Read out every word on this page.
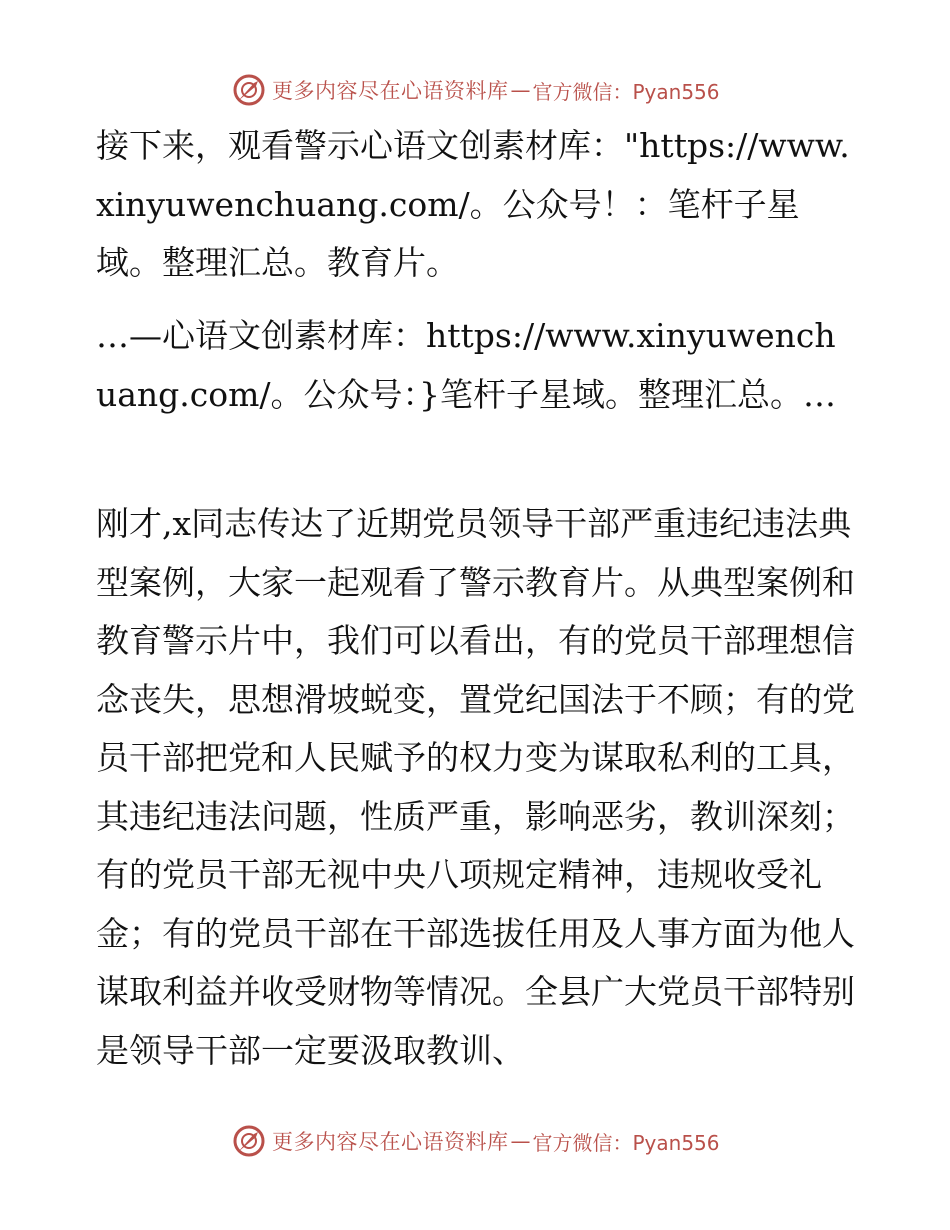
更多内容尽在心语资料库 — 官方微信：Pyan556

接下来，观看警示心语文创素材库："https://www.xinyuwenchuang.com/。公众号！：笔杆子星域。整理汇总。教育片。

…—心语文创素材库：https://www.xinyuwenchuang.com/。公众号：}笔杆子星域。整理汇总。…

刚才,x同志传达了近期党员领导干部严重违纪违法典型案例，大家一起观看了警示教育片。从典型案例和教育警示片中，我们可以看出，有的党员干部理想信念丧失，思想滑坡蜕变，置党纪国法于不顾；有的党员干部把党和人民赋予的权力变为谋取私利的工具，其违纪违法问题，性质严重，影响恶劣，教训深刻；有的党员干部无视中央八项规定精神，违规收受礼金；有的党员干部在干部选拔任用及人事方面为他人谋取利益并收受财物等情况。全县广大党员干部特别是领导干部一定要汲取教训、

更多内容尽在心语资料库 — 官方微信：Pyan556
